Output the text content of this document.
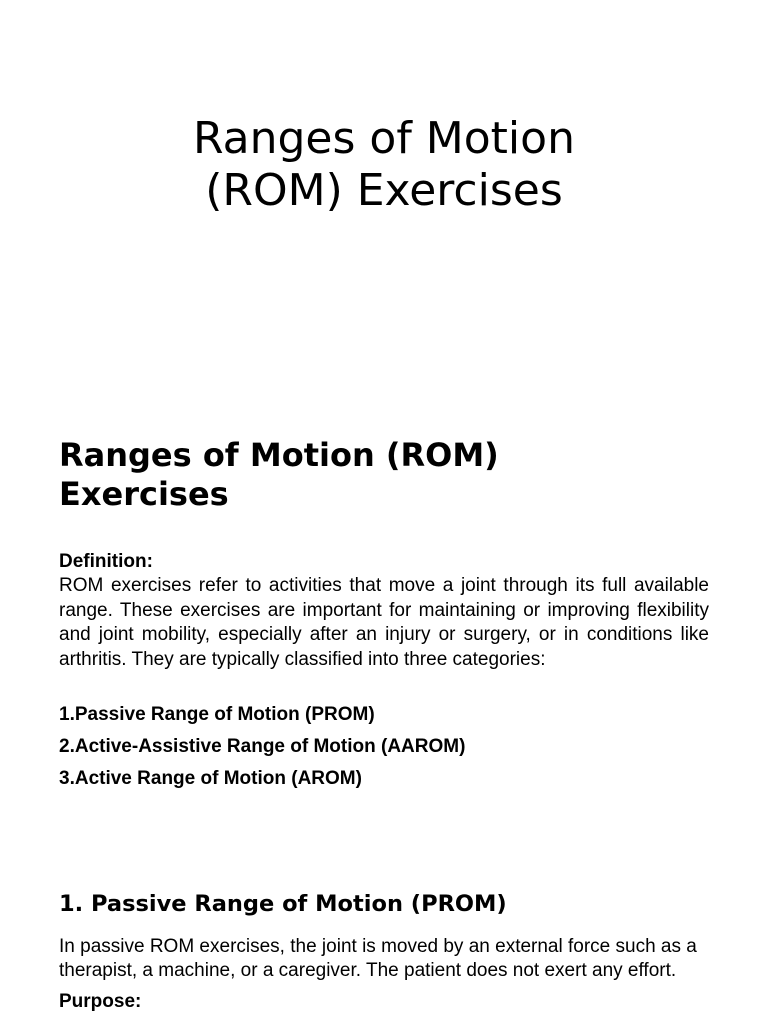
Ranges of Motion
(ROM) Exercises
Ranges of Motion (ROM)
Exercises
Definition:
ROM exercises refer to activities that move a joint through its full available range. These exercises are important for maintaining or improving flexibility and joint mobility, especially after an injury or surgery, or in conditions like arthritis. They are typically classified into three categories:
1.Passive Range of Motion (PROM)
2.Active-Assistive Range of Motion (AAROM)
3.Active Range of Motion (AROM)
1. Passive Range of Motion (PROM)
In passive ROM exercises, the joint is moved by an external force such as a therapist, a machine, or a caregiver. The patient does not exert any effort.
Purpose:
